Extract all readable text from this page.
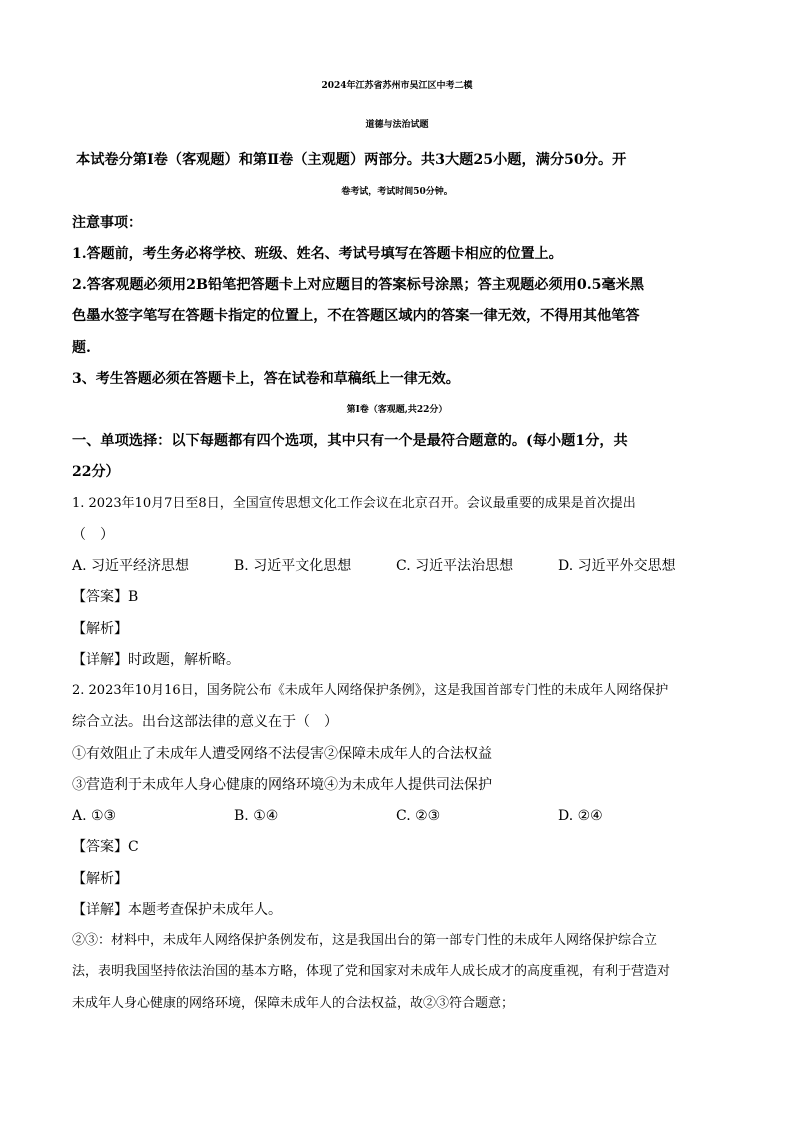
2024年江苏省苏州市吴江区中考二模
道德与法治试题
本试卷分第Ⅰ卷（客观题）和第Ⅱ卷（主观题）两部分。共3大题25小题，满分50分。开
卷考试，考试时间50分钟。
注意事项：
1.答题前，考生务必将学校、班级、姓名、考试号填写在答题卡相应的位置上。
2.答客观题必须用2B铅笔把答题卡上对应题目的答案标号涂黑；答主观题必须用0.5毫米黑
色墨水签字笔写在答题卡指定的位置上，不在答题区域内的答案一律无效，不得用其他笔答
题.
3、考生答题必须在答题卡上，答在试卷和草稿纸上一律无效。
第Ⅰ卷（客观题,共22分）
一、单项选择：以下每题都有四个选项，其中只有一个是最符合题意的。(每小题1分，共
22分）
1. 2023年10月7日至8日，全国宣传思想文化工作会议在北京召开。会议最重要的成果是首次提出
（　）
A. 习近平经济思想	B. 习近平文化思想	C. 习近平法治思想	D. 习近平外交思想
【答案】B
【解析】
【详解】时政题，解析略。
2. 2023年10月16日，国务院公布《未成年人网络保护条例》，这是我国首部专门性的未成年人网络保护
综合立法。出台这部法律的意义在于（　）
①有效阻止了未成年人遭受网络不法侵害②保障未成年人的合法权益
③营造利于未成年人身心健康的网络环境④为未成年人提供司法保护
A. ①③	B. ①④	C. ②③	D. ②④
【答案】C
【解析】
【详解】本题考查保护未成年人。
②③：材料中，未成年人网络保护条例发布，这是我国出台的第一部专门性的未成年人网络保护综合立
法，表明我国坚持依法治国的基本方略，体现了党和国家对未成年人成长成才的高度重视，有利于营造对
未成年人身心健康的网络环境，保障未成年人的合法权益，故②③符合题意；
